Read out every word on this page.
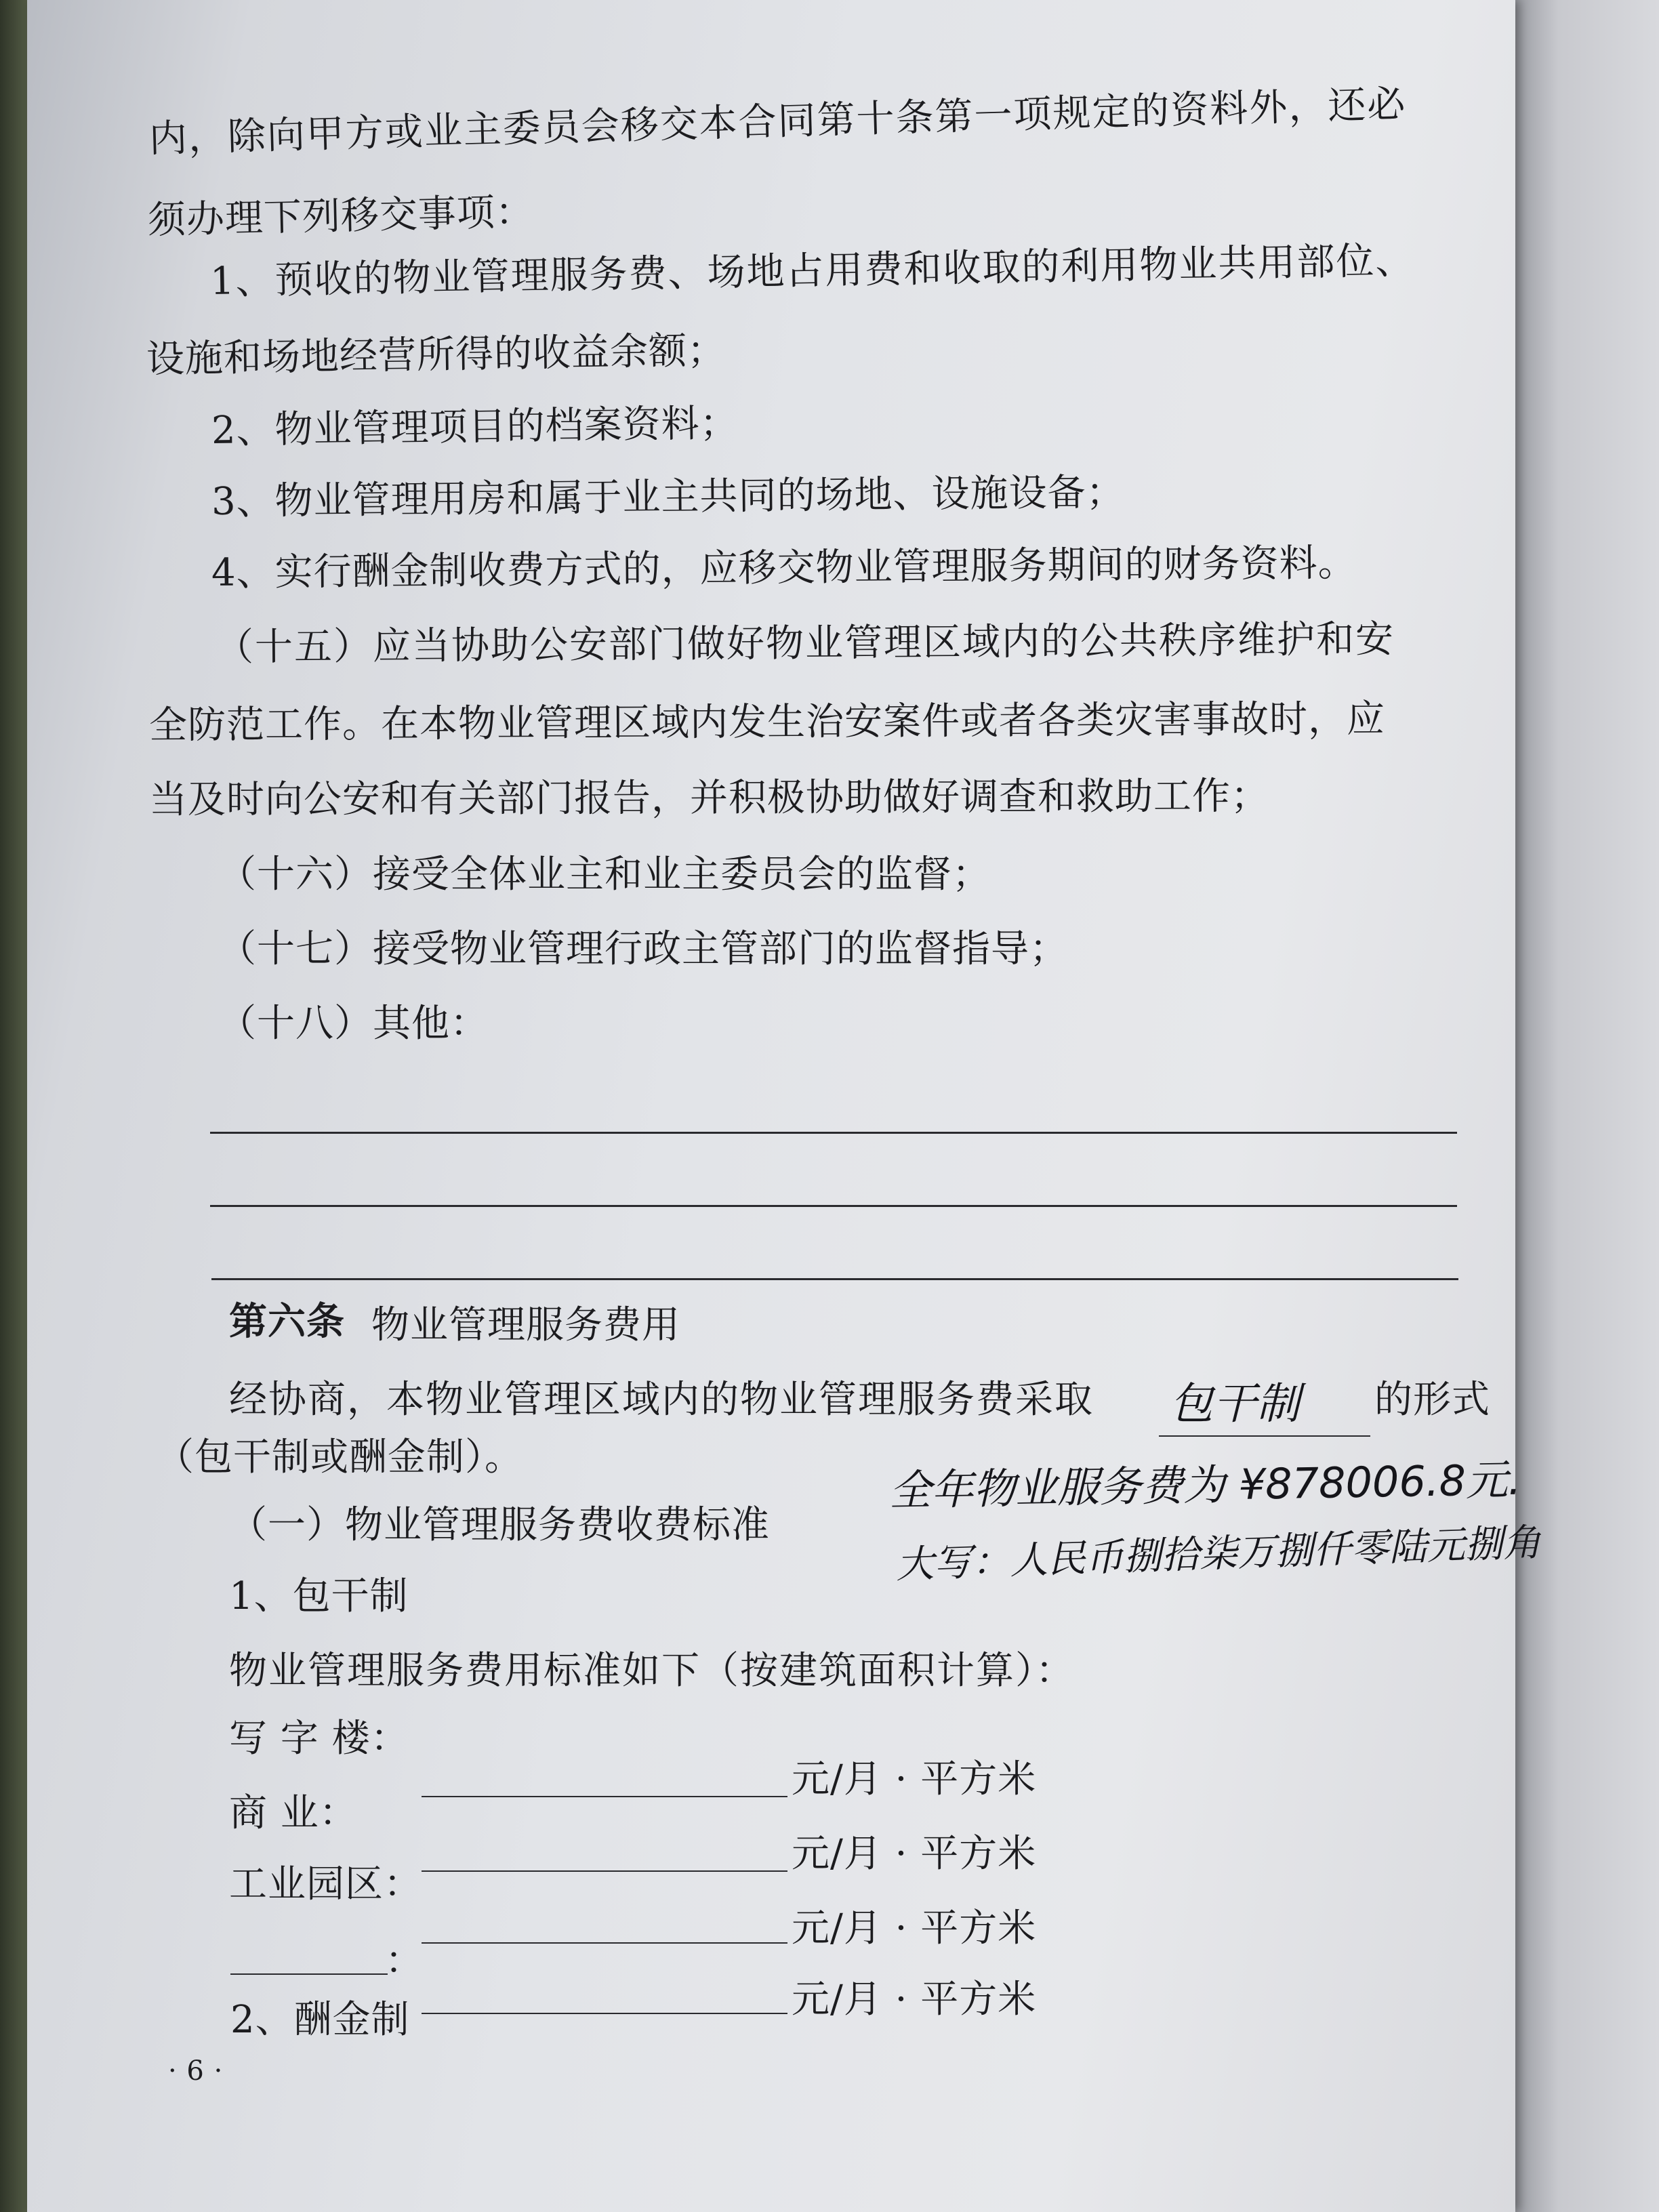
内，除向甲方或业主委员会移交本合同第十条第一项规定的资料外，还必
须办理下列移交事项：
1、预收的物业管理服务费、场地占用费和收取的利用物业共用部位、
设施和场地经营所得的收益余额；
2、物业管理项目的档案资料；
3、物业管理用房和属于业主共同的场地、设施设备；
4、实行酬金制收费方式的，应移交物业管理服务期间的财务资料。
（十五）应当协助公安部门做好物业管理区域内的公共秩序维护和安
全防范工作。在本物业管理区域内发生治安案件或者各类灾害事故时，应
当及时向公安和有关部门报告，并积极协助做好调查和救助工作；
（十六）接受全体业主和业主委员会的监督；
（十七）接受物业管理行政主管部门的监督指导；
（十八）其他：
第六条 物业管理服务费用
经协商，本物业管理区域内的物业管理服务费采取 包干制 的形式
（包干制或酬金制）。	全年物业服务费为 ¥878006.8元.
大写：人民币捌拾柒万捌仟零陆元捌角
（一）物业管理服务费收费标准
1、包干制
物业管理服务费用标准如下（按建筑面积计算）：
写 字 楼：
元/月 · 平方米
商 业：
元/月 · 平方米
工业园区：
元/月 · 平方米
：
元/月 · 平方米
2、酬金制
· 6 ·
